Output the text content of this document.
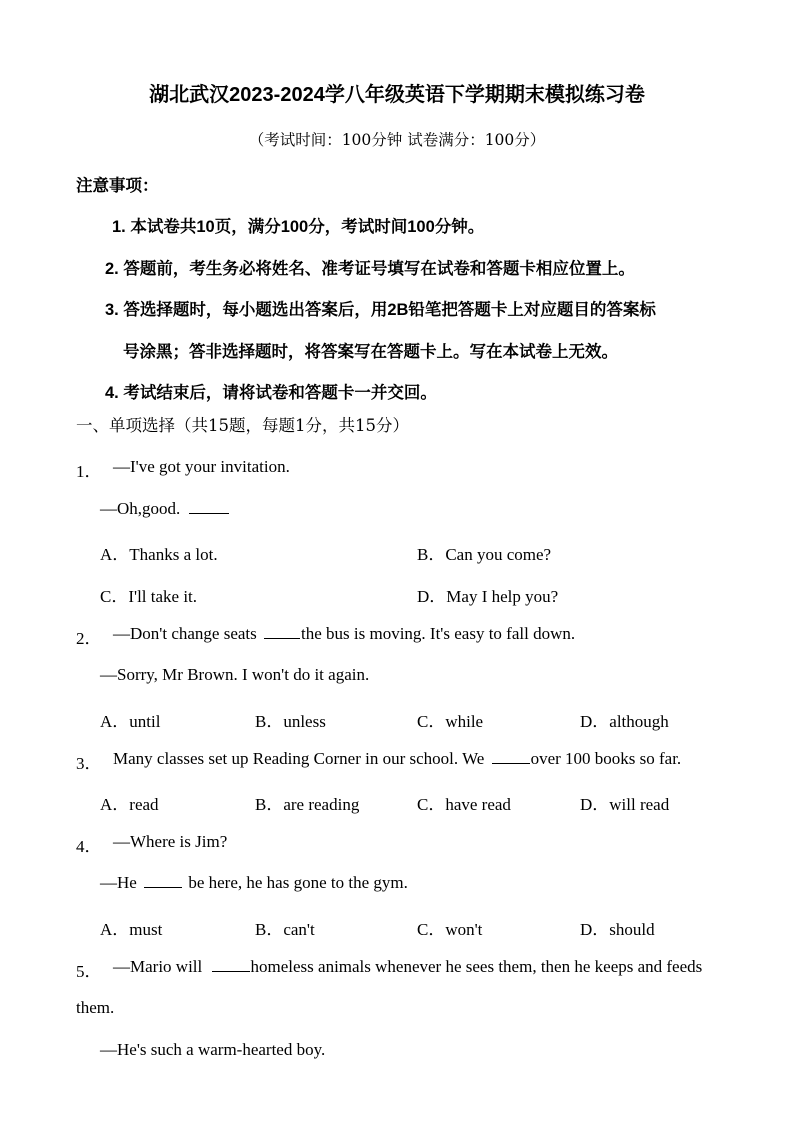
湖北武汉2023-2024学八年级英语下学期期末模拟练习卷
（考试时间：100分钟 试卷满分：100分）
注意事项：
1. 本试卷共10页，满分100分，考试时间100分钟。
2. 答题前，考生务必将姓名、准考证号填写在试卷和答题卡相应位置上。
3. 答选择题时，每小题选出答案后，用2B铅笔把答题卡上对应题目的答案标
号涂黑；答非选择题时，将答案写在答题卡上。写在本试卷上无效。
4. 考试结束后，请将试卷和答题卡一并交回。
一、单项选择（共15题，每题1分，共15分）
1． —I've got your invitation.
—Oh,good.
A．Thanks a lot.	B．Can you come?
C．I'll take it.	D．May I help you?
2． —Don't change seats	the bus is moving. It's easy to fall down.
—Sorry, Mr Brown. I won't do it again.
A．until	B．unless	C．while	D．although
3． Many classes set up Reading Corner in our school. We	over 100 books so far.
A．read	B．are reading	C．have read	D．will read
4． —Where is Jim?
—He	be here, he has gone to the gym.
A．must	B．can't	C．won't	D．should
5． —Mario will	homeless animals whenever he sees them, then he keeps and feeds
them.
—He's such a warm-hearted boy.
